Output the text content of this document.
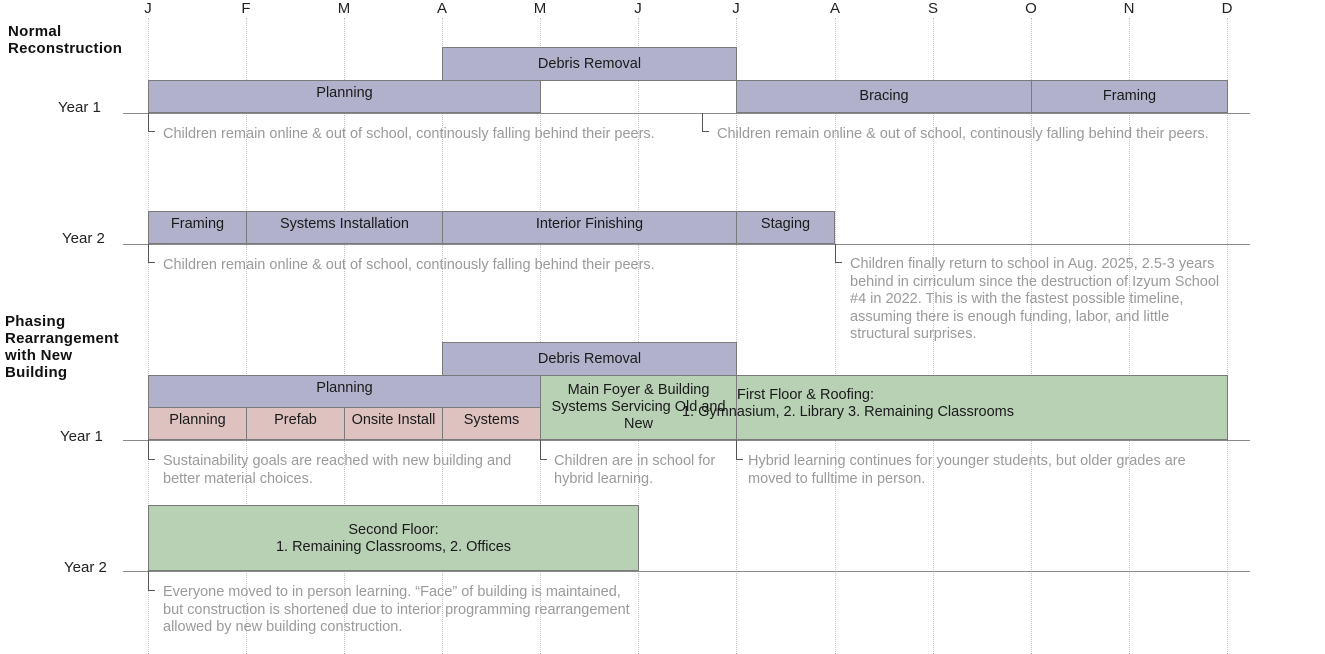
J	F	M	A	M	J	J	A	S	O	N	D
Normal
Reconstruction
Phasing
Rearrangement
with New
Building
Year 1
Year 2
Year 1
Year 2
Debris Removal
Planning	Bracing	Framing
Framing	Systems Installation	Interior Finishing	Staging
Children remain online & out of school, continously falling behind their peers.	Children remain online & out of school, continously falling behind their peers.
Children remain online & out of school, continously falling behind their peers.	Children finally return to school in Aug. 2025, 2.5-3 years behind in cirriculum since the destruction of Izyum School #4 in 2022. This is with the fastest possible timeline, assuming there is enough funding, labor, and little structural surprises.
Debris Removal
Planning
Planning	Prefab	Onsite Install	Systems
Main Foyer & Building Systems Servicing Old and New
First Floor & Roofing:
1. Gymnasium, 2. Library 3. Remaining Classrooms
Second Floor:
1. Remaining Classrooms, 2. Offices
Sustainability goals are reached with new building and better material choices.
Children are in school for hybrid learning.
Hybrid learning continues for younger students, but older grades are moved to fulltime in person.
Everyone moved to in person learning. “Face” of building is maintained, but construction is shortened due to interior programming rearrangement allowed by new building construction.
